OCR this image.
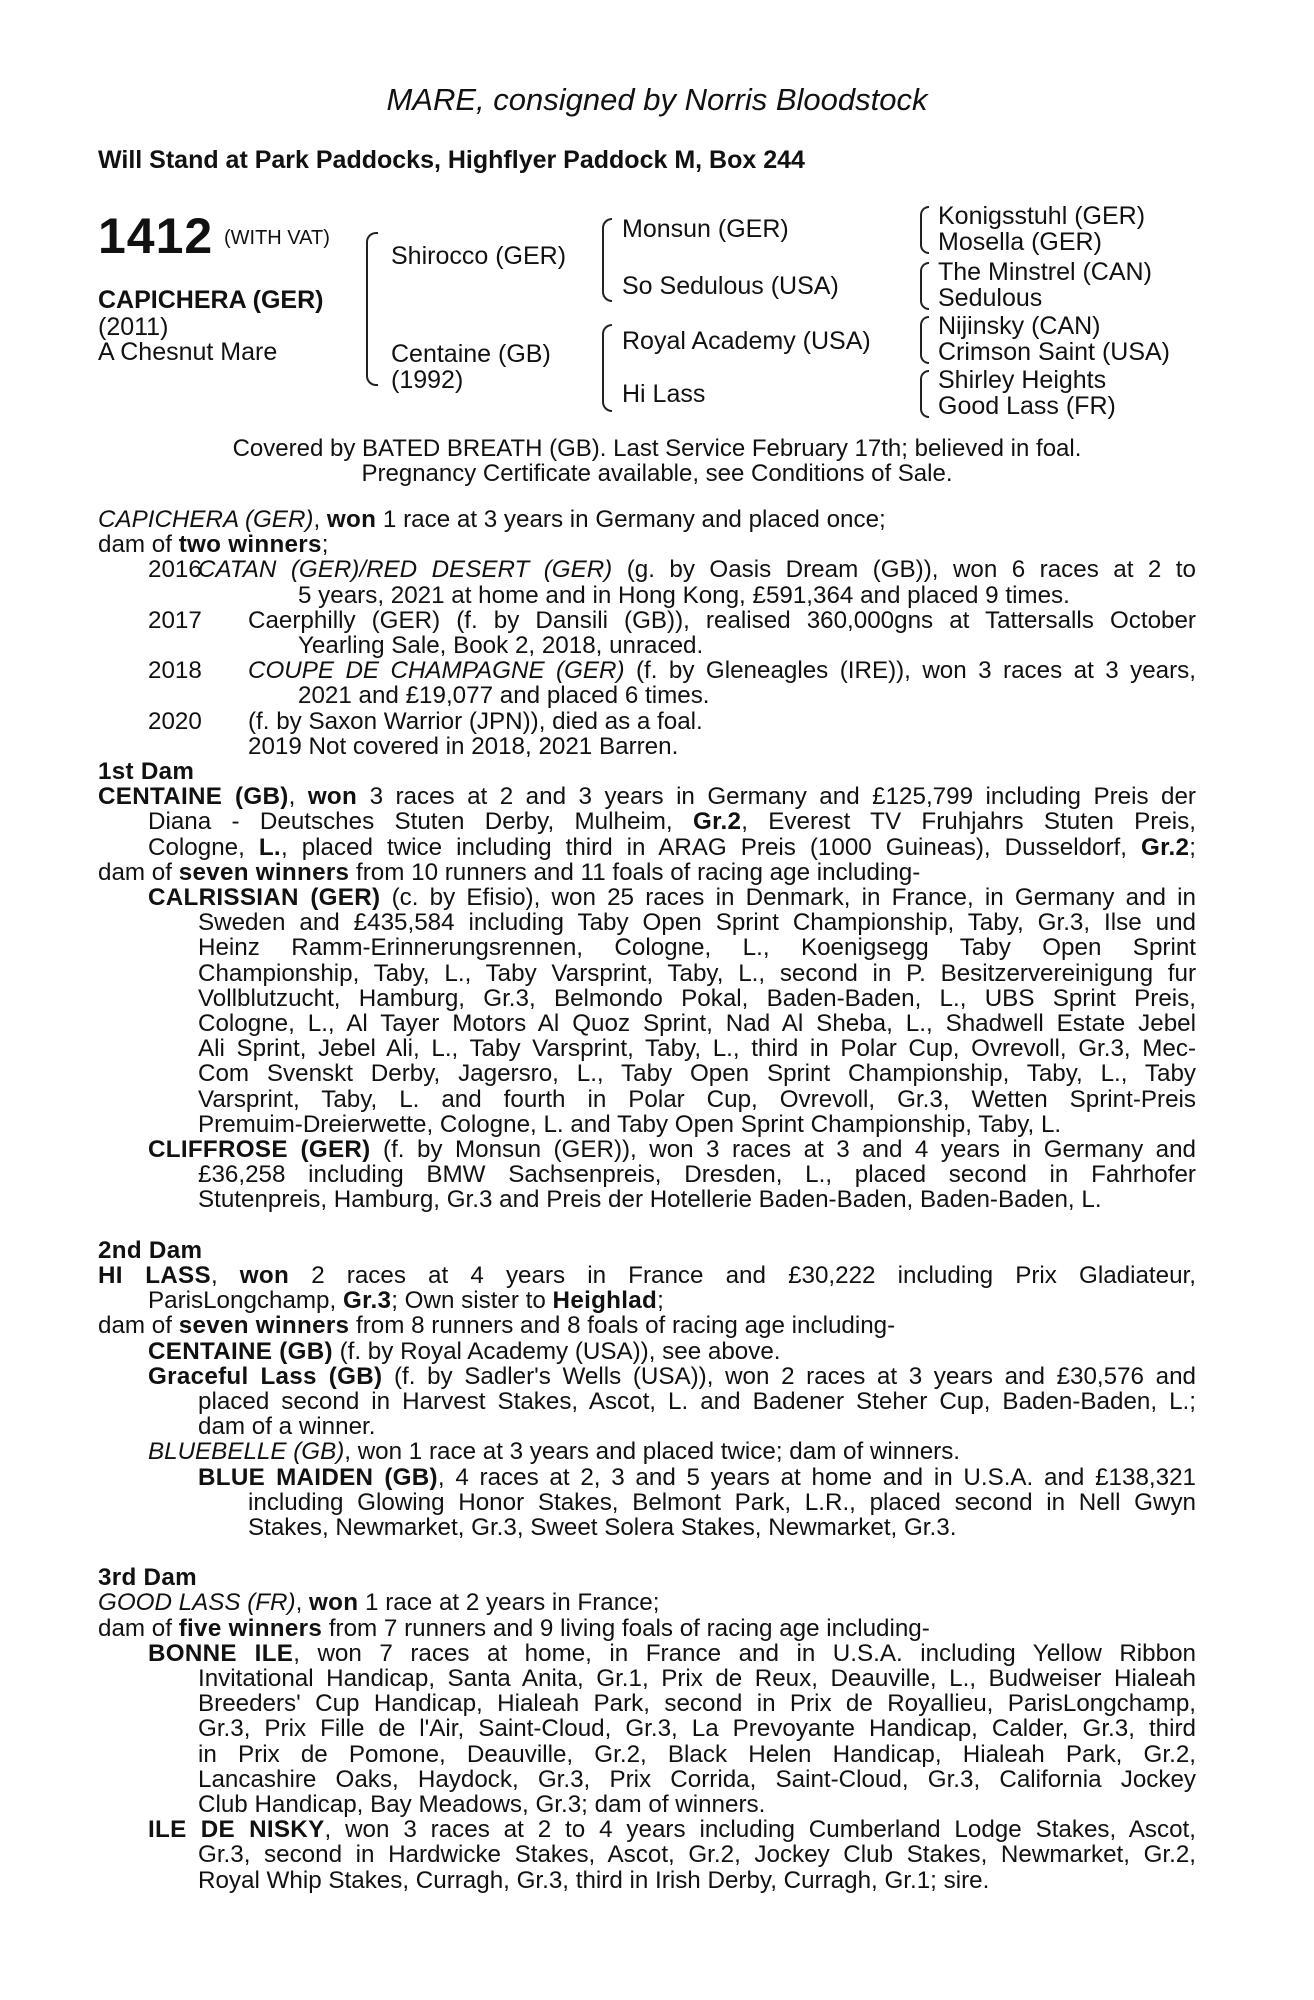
MARE, consigned by Norris Bloodstock
Will Stand at Park Paddocks, Highflyer Paddock M, Box 244
1412 (WITH VAT)
CAPICHERA (GER)
(2011)
A Chesnut Mare
Shirocco (GER)
Centaine (GB)
(1992)
Monsun (GER)
So Sedulous (USA)
Royal Academy (USA)
Hi Lass
Konigsstuhl (GER)
Mosella (GER)
The Minstrel (CAN)
Sedulous
Nijinsky (CAN)
Crimson Saint (USA)
Shirley Heights
Good Lass (FR)
Covered by BATED BREATH (GB). Last Service February 17th; believed in foal.
Pregnancy Certificate available, see Conditions of Sale.

CAPICHERA (GER), won 1 race at 3 years in Germany and placed once;

dam of two winners;

2016

CATAN (GER)/RED DESERT (GER) (g. by Oasis Dream (GB)), won 6 races at 2 to

5 years, 2021 at home and in Hong Kong, £591,364 and placed 9 times.

2017	Caerphilly (GER) (f. by Dansili (GB)), realised 360,000gns at Tattersalls October

Yearling Sale, Book 2, 2018, unraced.

2018	COUPE DE CHAMPAGNE (GER) (f. by Gleneagles (IRE)), won 3 races at 3 years,

2021 and £19,077 and placed 6 times.

2020	(f. by Saxon Warrior (JPN)), died as a foal.

2019 Not covered in 2018, 2021 Barren.

1st Dam

CENTAINE (GB), won 3 races at 2 and 3 years in Germany and £125,799 including Preis der

Diana - Deutsches Stuten Derby, Mulheim, Gr.2, Everest TV Fruhjahrs Stuten Preis,

Cologne, L., placed twice including third in ARAG Preis (1000 Guineas), Dusseldorf, Gr.2;

dam of seven winners from 10 runners and 11 foals of racing age including-

CALRISSIAN (GER) (c. by Efisio), won 25 races in Denmark, in France, in Germany and in

Sweden and £435,584 including Taby Open Sprint Championship, Taby, Gr.3, Ilse und

Heinz Ramm-Erinnerungsrennen, Cologne, L., Koenigsegg Taby Open Sprint

Championship, Taby, L., Taby Varsprint, Taby, L., second in P. Besitzervereinigung fur

Vollblutzucht, Hamburg, Gr.3, Belmondo Pokal, Baden-Baden, L., UBS Sprint Preis,

Cologne, L., Al Tayer Motors Al Quoz Sprint, Nad Al Sheba, L., Shadwell Estate Jebel

Ali Sprint, Jebel Ali, L., Taby Varsprint, Taby, L., third in Polar Cup, Ovrevoll, Gr.3, Mec-

Com Svenskt Derby, Jagersro, L., Taby Open Sprint Championship, Taby, L., Taby

Varsprint, Taby, L. and fourth in Polar Cup, Ovrevoll, Gr.3, Wetten Sprint-Preis

Premuim-Dreierwette, Cologne, L. and Taby Open Sprint Championship, Taby, L.

CLIFFROSE (GER) (f. by Monsun (GER)), won 3 races at 3 and 4 years in Germany and

£36,258 including BMW Sachsenpreis, Dresden, L., placed second in Fahrhofer

Stutenpreis, Hamburg, Gr.3 and Preis der Hotellerie Baden-Baden, Baden-Baden, L.

2nd Dam

HI LASS, won 2 races at 4 years in France and £30,222 including Prix Gladiateur,

ParisLongchamp, Gr.3; Own sister to Heighlad;

dam of seven winners from 8 runners and 8 foals of racing age including-

CENTAINE (GB) (f. by Royal Academy (USA)), see above.

Graceful Lass (GB) (f. by Sadler's Wells (USA)), won 2 races at 3 years and £30,576 and

placed second in Harvest Stakes, Ascot, L. and Badener Steher Cup, Baden-Baden, L.;

dam of a winner.

BLUEBELLE (GB), won 1 race at 3 years and placed twice; dam of winners.

BLUE MAIDEN (GB), 4 races at 2, 3 and 5 years at home and in U.S.A. and £138,321

including Glowing Honor Stakes, Belmont Park, L.R., placed second in Nell Gwyn

Stakes, Newmarket, Gr.3, Sweet Solera Stakes, Newmarket, Gr.3.

3rd Dam

GOOD LASS (FR), won 1 race at 2 years in France;

dam of five winners from 7 runners and 9 living foals of racing age including-

BONNE ILE, won 7 races at home, in France and in U.S.A. including Yellow Ribbon

Invitational Handicap, Santa Anita, Gr.1, Prix de Reux, Deauville, L., Budweiser Hialeah

Breeders' Cup Handicap, Hialeah Park, second in Prix de Royallieu, ParisLongchamp,

Gr.3, Prix Fille de l'Air, Saint-Cloud, Gr.3, La Prevoyante Handicap, Calder, Gr.3, third

in Prix de Pomone, Deauville, Gr.2, Black Helen Handicap, Hialeah Park, Gr.2,

Lancashire Oaks, Haydock, Gr.3, Prix Corrida, Saint-Cloud, Gr.3, California Jockey

Club Handicap, Bay Meadows, Gr.3; dam of winners.

ILE DE NISKY, won 3 races at 2 to 4 years including Cumberland Lodge Stakes, Ascot,

Gr.3, second in Hardwicke Stakes, Ascot, Gr.2, Jockey Club Stakes, Newmarket, Gr.2,

Royal Whip Stakes, Curragh, Gr.3, third in Irish Derby, Curragh, Gr.1; sire.
